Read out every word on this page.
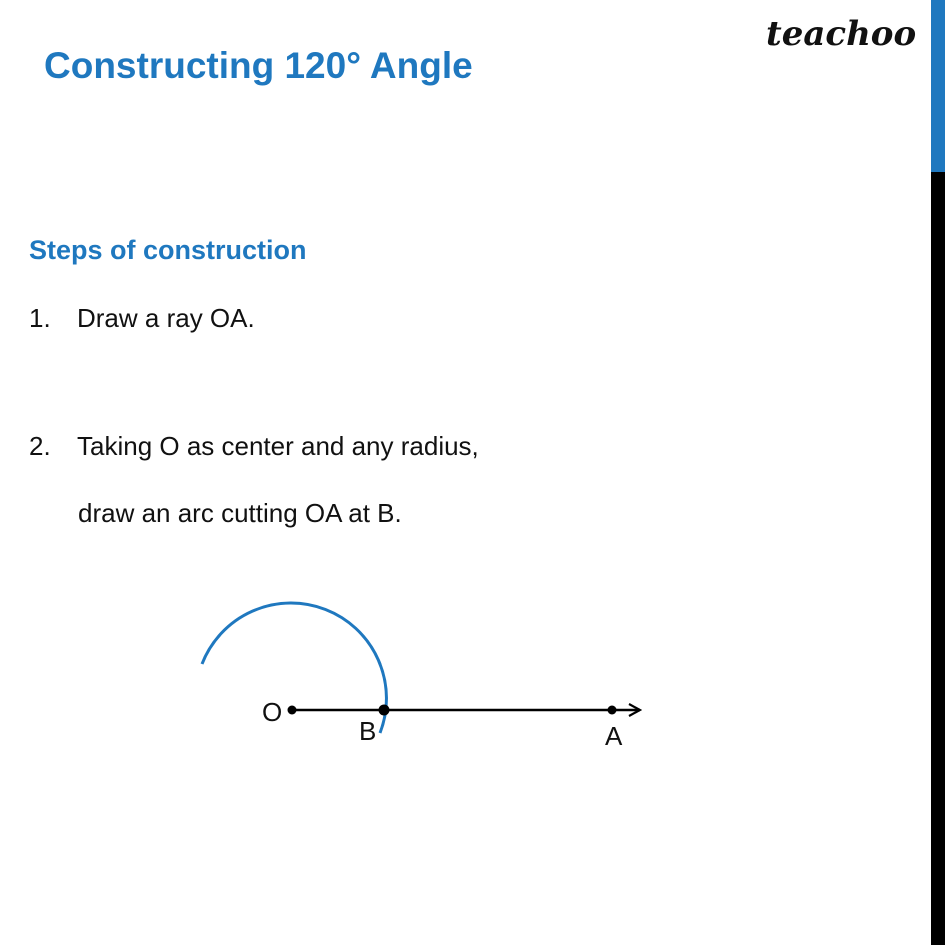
Constructing 120° Angle
teachoo
Steps of construction
1. Draw a ray OA.
2. Taking O as center and any radius,
draw an arc cutting OA at B.
O
B	A
